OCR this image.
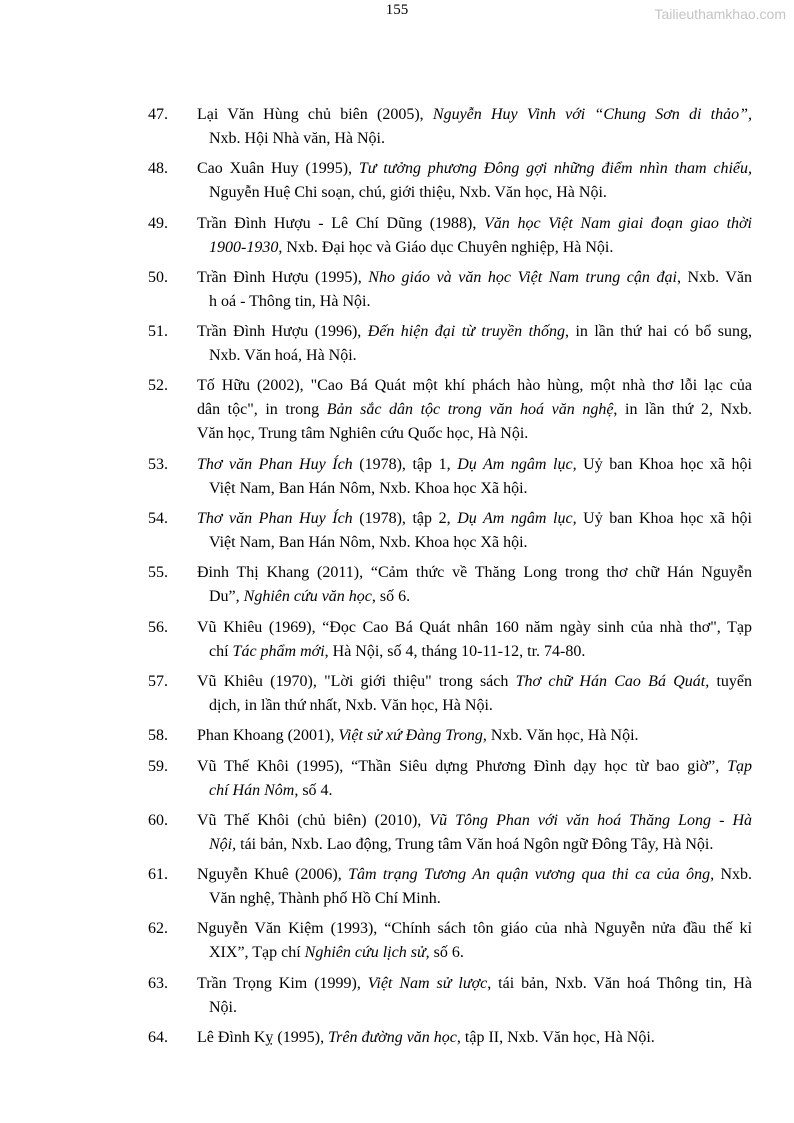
155	Tailieuthamkhao.com
47. Lại Văn Hùng chủ biên (2005), Nguyễn Huy Vinh với “Chung Sơn di thảo”,
Nxb. Hội Nhà văn, Hà Nội.
48. Cao Xuân Huy (1995), Tư tưởng phương Đông gợi những điểm nhìn tham chiếu,
Nguyễn Huệ Chi soạn, chú, giới thiệu, Nxb. Văn học, Hà Nội.
49. Trần Đình Hượu - Lê Chí Dũng (1988), Văn học Việt Nam giai đoạn giao thời
1900-1930, Nxb. Đại học và Giáo dục Chuyên nghiệp, Hà Nội.
50. Trần Đình Hượu (1995), Nho giáo và văn học Việt Nam trung cận đại, Nxb. Văn
h oá - Thông tin, Hà Nội.
51. Trần Đình Hượu (1996), Đến hiện đại từ truyền thống, in lần thứ hai có bổ sung,
Nxb. Văn hoá, Hà Nội.
52. Tố Hữu (2002), "Cao Bá Quát một khí phách hào hùng, một nhà thơ lỗi lạc của
dân tộc", in trong Bản sắc dân tộc trong văn hoá văn nghệ, in lần thứ 2, Nxb.
Văn học, Trung tâm Nghiên cứu Quốc học, Hà Nội.
53. Thơ văn Phan Huy Ích (1978), tập 1, Dụ Am ngâm lục, Uỷ ban Khoa học xã hội
Việt Nam, Ban Hán Nôm, Nxb. Khoa học Xã hội.
54. Thơ văn Phan Huy Ích (1978), tập 2, Dụ Am ngâm lục, Uỷ ban Khoa học xã hội
Việt Nam, Ban Hán Nôm, Nxb. Khoa học Xã hội.
55. Đinh Thị Khang (2011), “Cảm thức về Thăng Long trong thơ chữ Hán Nguyễn
Du”, Nghiên cứu văn học, số 6.
56. Vũ Khiêu (1969), “Đọc Cao Bá Quát nhân 160 năm ngày sinh của nhà thơ", Tạp
chí Tác phẩm mới, Hà Nội, số 4, tháng 10-11-12, tr. 74-80.
57. Vũ Khiêu (1970), "Lời giới thiệu" trong sách Thơ chữ Hán Cao Bá Quát, tuyển
dịch, in lần thứ nhất, Nxb. Văn học, Hà Nội.
58. Phan Khoang (2001), Việt sử xứ Đàng Trong, Nxb. Văn học, Hà Nội.
59. Vũ Thế Khôi (1995), “Thần Siêu dựng Phương Đình dạy học từ bao giờ”, Tạp
chí Hán Nôm, số 4.
60. Vũ Thế Khôi (chủ biên) (2010), Vũ Tông Phan với văn hoá Thăng Long - Hà
Nội, tái bản, Nxb. Lao động, Trung tâm Văn hoá Ngôn ngữ Đông Tây, Hà Nội.
61. Nguyễn Khuê (2006), Tâm trạng Tương An quận vương qua thi ca của ông, Nxb.
Văn nghệ, Thành phố Hồ Chí Minh.
62. Nguyễn Văn Kiệm (1993), “Chính sách tôn giáo của nhà Nguyễn nửa đầu thế kỉ
XIX”, Tạp chí Nghiên cứu lịch sử, số 6.
63. Trần Trọng Kim (1999), Việt Nam sử lược, tái bản, Nxb. Văn hoá Thông tin, Hà
Nội.
64. Lê Đình Kỵ (1995), Trên đường văn học, tập II, Nxb. Văn học, Hà Nội.
